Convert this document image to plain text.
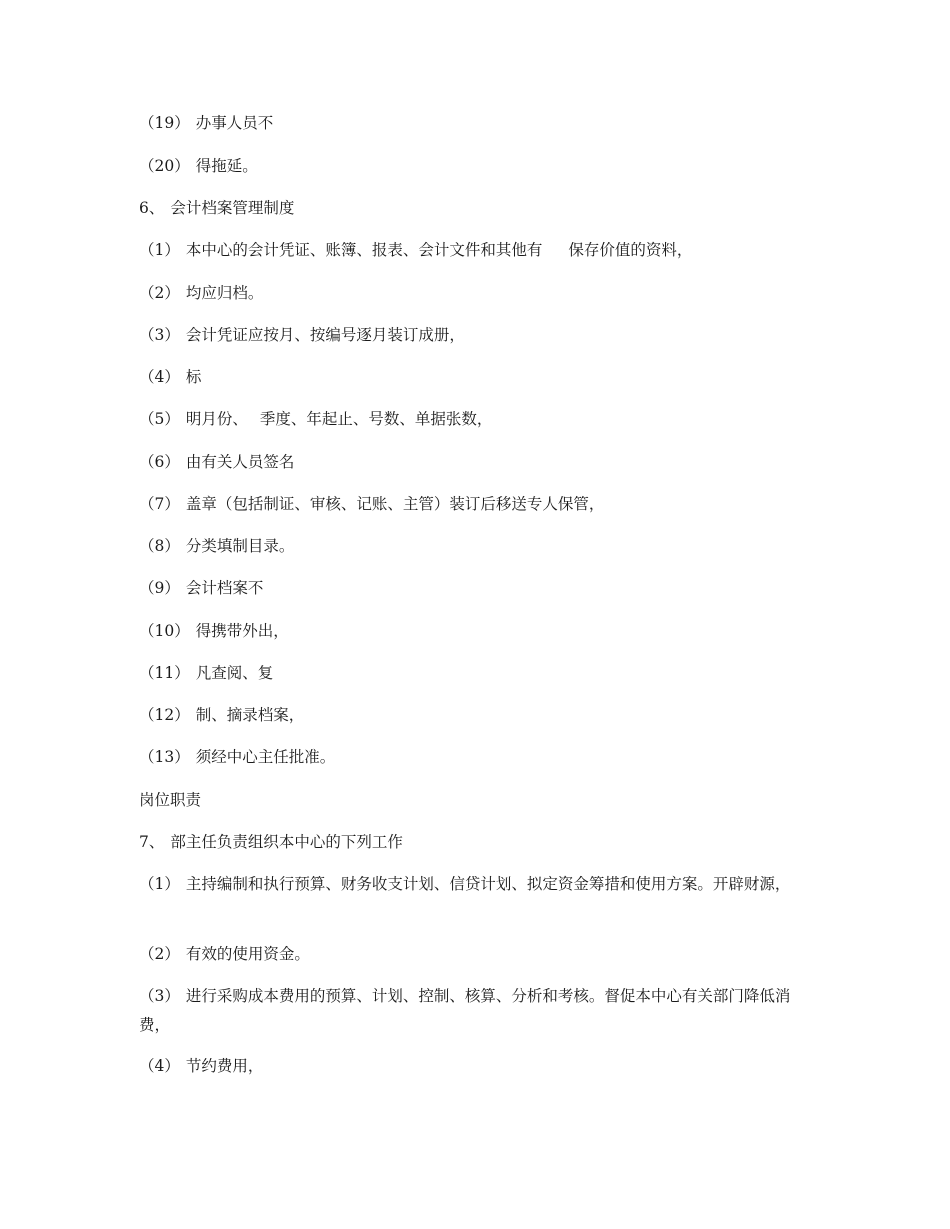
（19） 办事人员不
（20） 得拖延。
6、 会计档案管理制度
（1） 本中心的会计凭证、账簿、报表、会计文件和其他有 保存价值的资料，
（2） 均应归档。
（3） 会计凭证应按月、按编号逐月装订成册，
（4） 标
（5） 明月份、 季度、年起止、号数、单据张数，
（6） 由有关人员签名
（7） 盖章（包括制证、审核、记账、主管）装订后移送专人保管，
（8） 分类填制目录。
（9） 会计档案不
（10） 得携带外出，
（11） 凡查阅、复
（12） 制、摘录档案，
（13） 须经中心主任批准。
岗位职责
7、 部主任负责组织本中心的下列工作
（1） 主持编制和执行预算、财务收支计划、信贷计划、拟定资金筹措和使用方案。开辟财源，
（2） 有效的使用资金。
（3） 进行采购成本费用的预算、计划、控制、核算、分析和考核。督促本中心有关部门降低消费，
（4） 节约费用，
